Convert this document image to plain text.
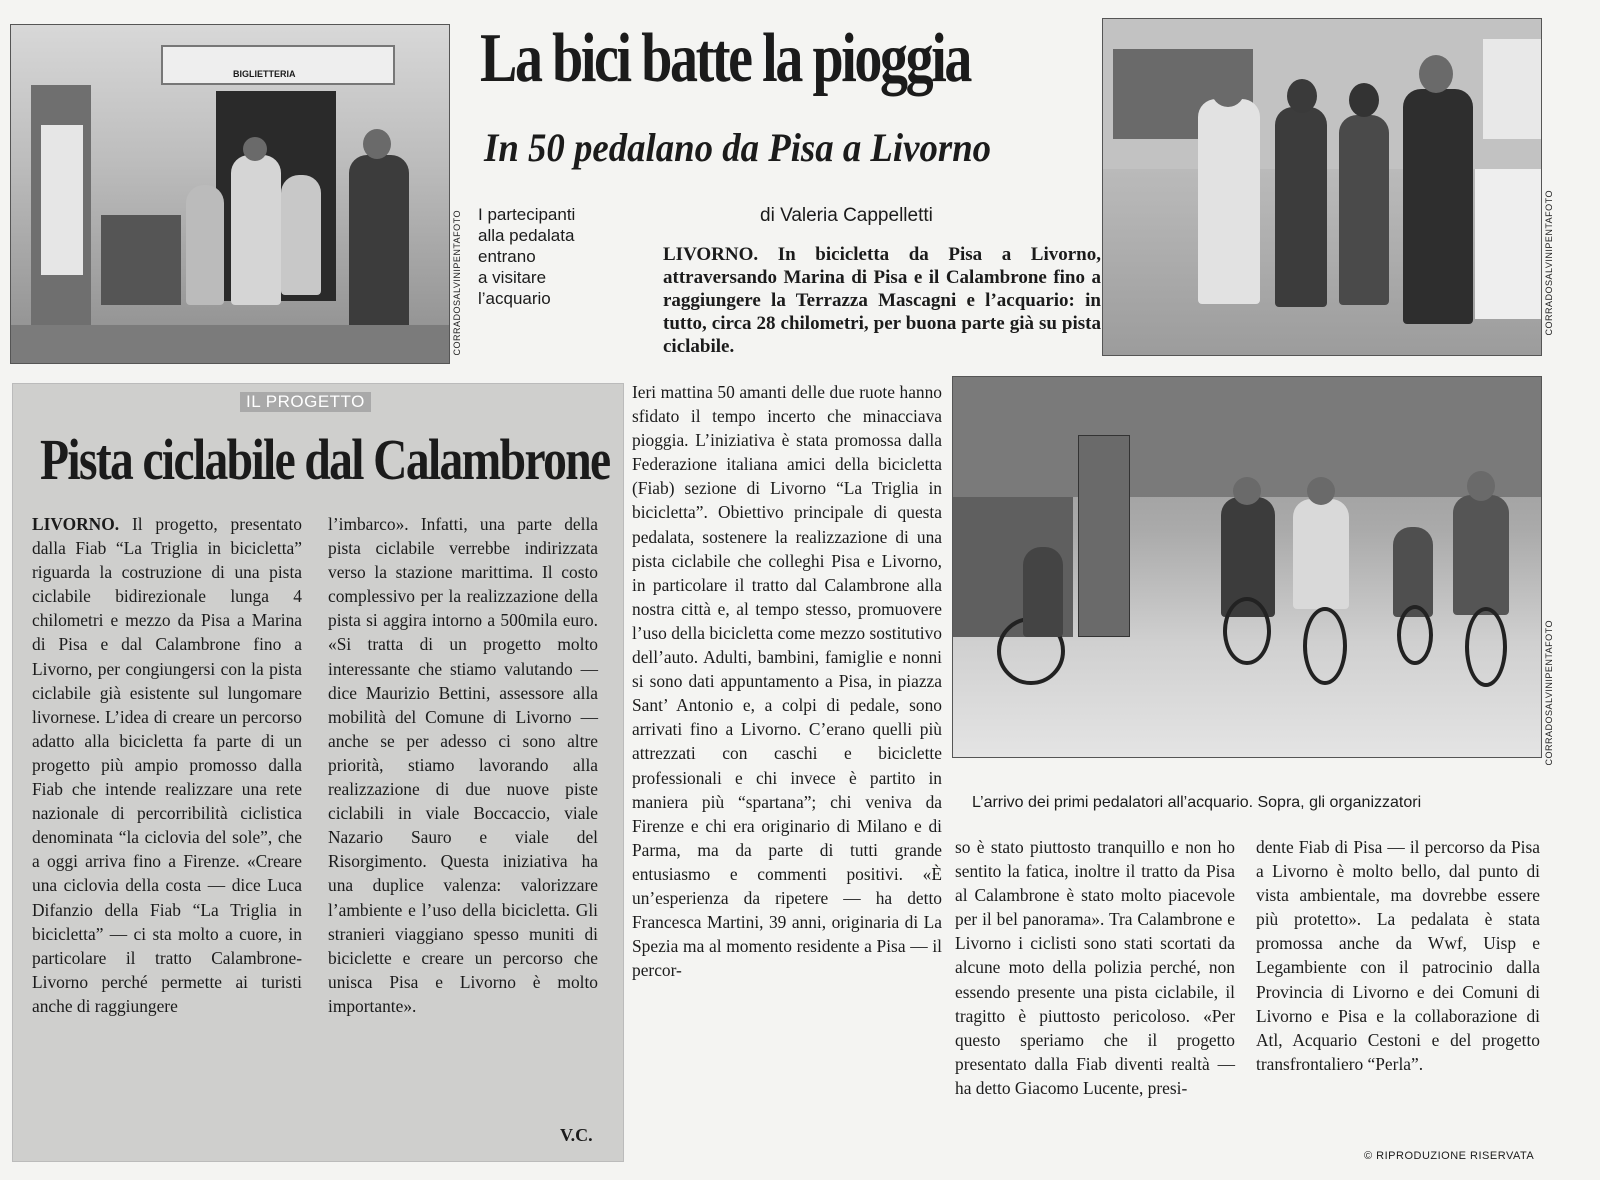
BIGLIETTERIA
CORRADOSALVINIPENTAFOTO I partecipanti
alla pedalata
entrano
a visitare
l’acquario
La bici batte la pioggia
In 50 pedalano da Pisa a Livorno
di Valeria Cappelletti	CORRADOSALVINIPENTAFOTO
LIVORNO. In bicicletta da Pisa a Livorno, attraversando Marina di Pisa e il Calambrone fino a raggiungere la Terrazza Mascagni e l’acquario: in tutto, circa 28 chilometri, per buona parte già su pista ciclabile.
CORRADOSALVINIPENTAFOTO
L’arrivo dei primi pedalatori all’acquario. Sopra, gli organizzatori
Ieri mattina 50 amanti delle due ruote hanno sfidato il tempo incerto che minacciava pioggia. L’iniziativa è stata promossa dalla Federazione italiana amici della bicicletta (Fiab) sezione di Livorno “La Triglia in bicicletta”. Obiettivo principale di questa pedalata, sostenere la realizzazione di una pista ciclabile che colleghi Pisa e Livorno, in particolare il tratto dal Calambrone alla nostra città e, al tempo stesso, promuovere l’uso della bicicletta come mezzo sostitutivo dell’auto. Adulti, bambini, famiglie e nonni si sono dati appuntamento a Pisa, in piazza Sant’ Antonio e, a colpi di pedale, sono arrivati fino a Livorno. C’erano quelli più attrezzati con caschi e biciclette professionali e chi invece è partito in maniera più “spartana”; chi veniva da Firenze e chi era originario di Milano e di Parma, ma da parte di tutti grande entusiasmo e commenti positivi. «È un’esperienza da ripetere — ha detto Francesca Martini, 39 anni, originaria di La Spezia ma al momento residente a Pisa — il percor-
so è stato piuttosto tranquillo e non ho sentito la fatica, inoltre il tratto da Pisa al Calambrone è stato molto piacevole per il bel panorama». Tra Calambrone e Livorno i ciclisti sono stati scortati da alcune moto della polizia perché, non essendo presente una pista ciclabile, il tragitto è piuttosto pericoloso. «Per questo speriamo che il progetto presentato dalla Fiab diventi realtà — ha detto Giacomo Lucente, presi-
dente Fiab di Pisa — il percorso da Pisa a Livorno è molto bello, dal punto di vista ambientale, ma dovrebbe essere più protetto». La pedalata è stata promossa anche da Wwf, Uisp e Legambiente con il patrocinio dalla Provincia di Livorno e dei Comuni di Livorno e Pisa e la collaborazione di Atl, Acquario Cestoni e del progetto transfrontaliero “Perla”.
IL PROGETTO
Pista ciclabile dal Calambrone
LIVORNO. Il progetto, presentato dalla Fiab “La Triglia in bicicletta” riguarda la costruzione di una pista ciclabile bidirezionale lunga 4 chilometri e mezzo da Pisa a Marina di Pisa e dal Calambrone fino a Livorno, per congiungersi con la pista ciclabile già esistente sul lungomare livornese. L’idea di creare un percorso adatto alla bicicletta fa parte di un progetto più ampio promosso dalla Fiab che intende realizzare una rete nazionale di percorribilità ciclistica denominata “la ciclovia del sole”, che a oggi arriva fino a Firenze. «Creare una ciclovia della costa — dice Luca Difanzio della Fiab “La Triglia in bicicletta” — ci sta molto a cuore, in particolare il tratto Calambrone-Livorno perché permette ai turisti anche di raggiungere
l’imbarco». Infatti, una parte della pista ciclabile verrebbe indirizzata verso la stazione marittima. Il costo complessivo per la realizzazione della pista si aggira intorno a 500mila euro. «Si tratta di un progetto molto interessante che stiamo valutando — dice Maurizio Bettini, assessore alla mobilità del Comune di Livorno — anche se per adesso ci sono altre priorità, stiamo lavorando alla realizzazione di due nuove piste ciclabili in viale Boccaccio, viale Nazario Sauro e viale del Risorgimento. Questa iniziativa ha una duplice valenza: valorizzare l’ambiente e l’uso della bicicletta. Gli stranieri viaggiano spesso muniti di biciclette e creare un percorso che unisca Pisa e Livorno è molto importante».
V.C.
© RIPRODUZIONE RISERVATA
